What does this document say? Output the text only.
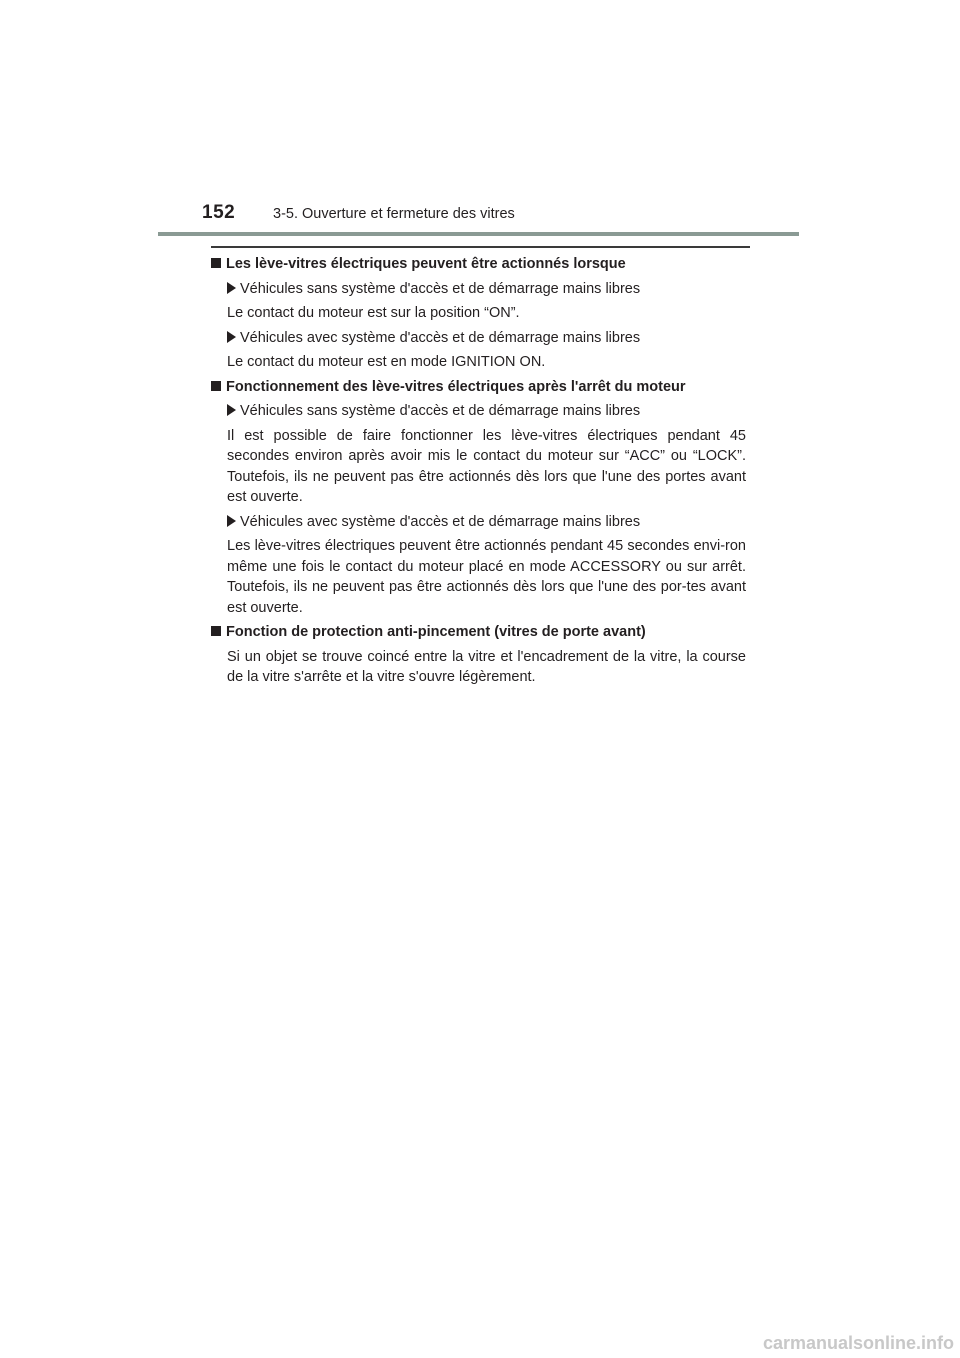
152	3-5. Ouverture et fermeture des vitres
Les lève-vitres électriques peuvent être actionnés lorsque
Véhicules sans système d'accès et de démarrage mains libres
Le contact du moteur est sur la position “ON”.
Véhicules avec système d'accès et de démarrage mains libres
Le contact du moteur est en mode IGNITION ON.
Fonctionnement des lève-vitres électriques après l'arrêt du moteur
Véhicules sans système d'accès et de démarrage mains libres
Il est possible de faire fonctionner les lève-vitres électriques pendant 45 secondes environ après avoir mis le contact du moteur sur “ACC” ou “LOCK”. Toutefois, ils ne peuvent pas être actionnés dès lors que l'une des portes avant est ouverte.
Véhicules avec système d'accès et de démarrage mains libres
Les lève-vitres électriques peuvent être actionnés pendant 45 secondes envi-ron même une fois le contact du moteur placé en mode ACCESSORY ou sur arrêt. Toutefois, ils ne peuvent pas être actionnés dès lors que l'une des por-tes avant est ouverte.
Fonction de protection anti-pincement (vitres de porte avant)
Si un objet se trouve coincé entre la vitre et l'encadrement de la vitre, la course de la vitre s'arrête et la vitre s'ouvre légèrement.
carmanualsonline.info
